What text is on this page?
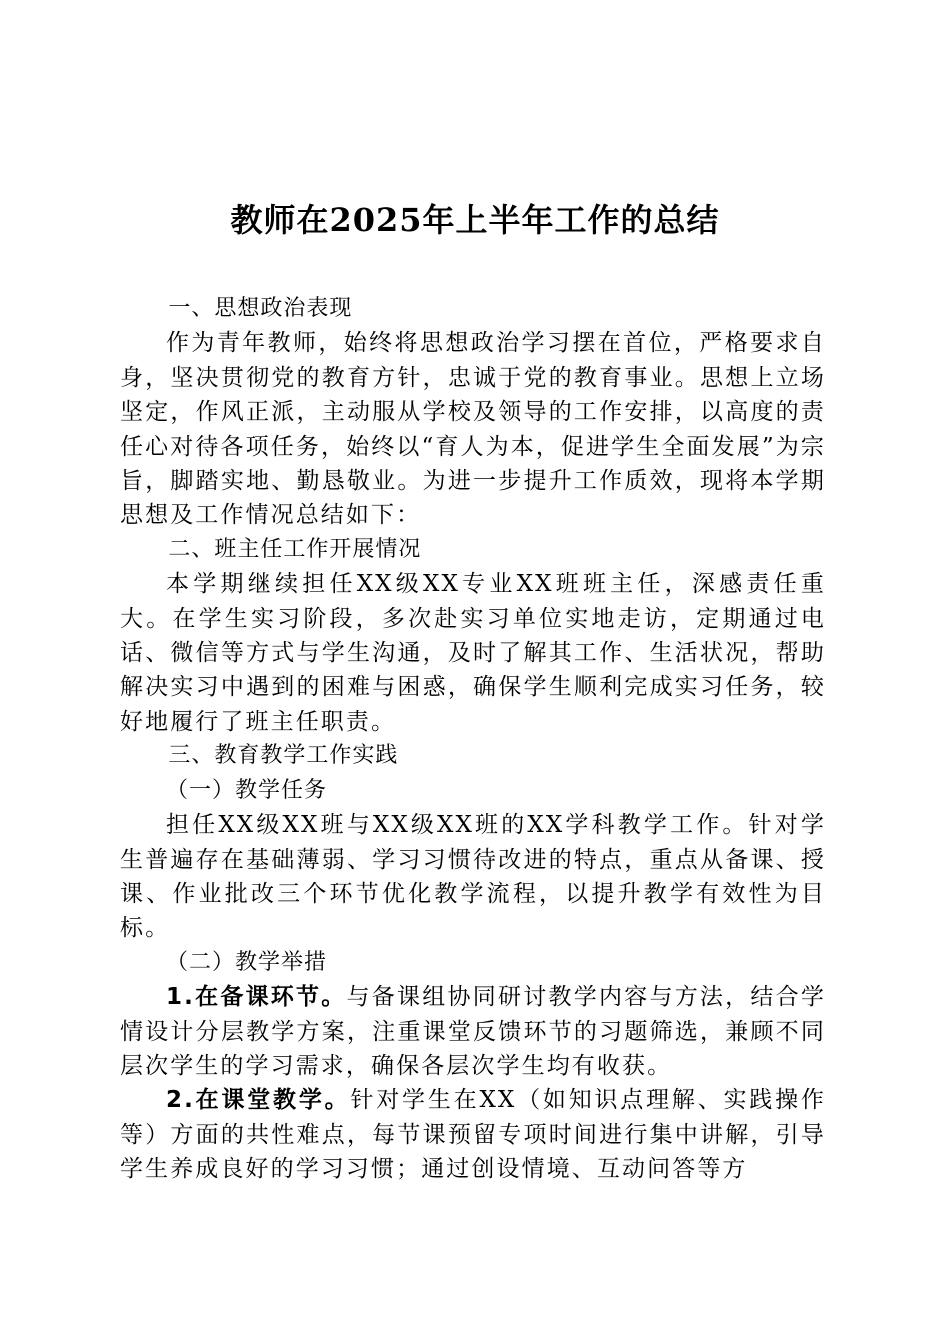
教师在2025年上半年工作的总结
一、思想政治表现

作为青年教师，始终将思想政治学习摆在首位，严格要求自身，坚决贯彻党的教育方针，忠诚于党的教育事业。思想上立场坚定，作风正派，主动服从学校及领导的工作安排，以高度的责任心对待各项任务，始终以“育人为本，促进学生全面发展”为宗旨，脚踏实地、勤恳敬业。为进一步提升工作质效，现将本学期思想及工作情况总结如下：

二、班主任工作开展情况

本学期继续担任XX级XX专业XX班班主任，深感责任重大。在学生实习阶段，多次赴实习单位实地走访，定期通过电话、微信等方式与学生沟通，及时了解其工作、生活状况，帮助解决实习中遇到的困难与困惑，确保学生顺利完成实习任务，较好地履行了班主任职责。

三、教育教学工作实践
（一）教学任务

担任XX级XX班与XX级XX班的XX学科教学工作。针对学生普遍存在基础薄弱、学习习惯待改进的特点，重点从备课、授课、作业批改三个环节优化教学流程，以提升教学有效性为目标。

（二）教学举措

1.在备课环节。与备课组协同研讨教学内容与方法，结合学情设计分层教学方案，注重课堂反馈环节的习题筛选，兼顾不同层次学生的学习需求，确保各层次学生均有收获。

2.在课堂教学。针对学生在XX（如知识点理解、实践操作等）方面的共性难点，每节课预留专项时间进行集中讲解，引导学生养成良好的学习习惯；通过创设情境、互动问答等方
